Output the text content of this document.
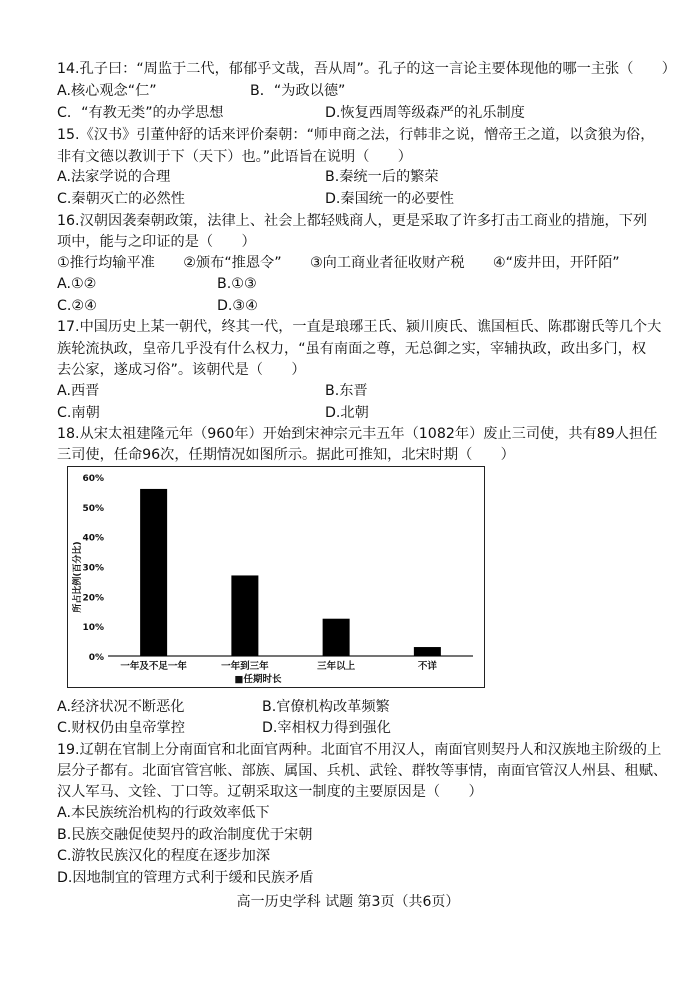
14.孔子曰：“周监于二代，郁郁乎文哉，吾从周”。孔子的这一言论主要体现他的哪一主张（　　）
A.核心观念“仁”	B．“为政以德”
C．“有教无类”的办学思想	D.恢复西周等级森严的礼乐制度
15.《汉书》引董仲舒的话来评价秦朝：“师申商之法，行韩非之说，憎帝王之道，以贪狼为俗，
非有文德以教训于下（天下）也。”此语旨在说明（　　）
A.法家学说的合理	B.秦统一后的繁荣
C.秦朝灭亡的必然性	D.秦国统一的必要性
16.汉朝因袭秦朝政策，法律上、社会上都轻贱商人，更是采取了许多打击工商业的措施，下列
项中，能与之印证的是（　　）
①推行均输平准　　②颁布“推恩令”　　③向工商业者征收财产税　　④“废井田，开阡陌”
A.①②	B.①③
C.②④	D.③④
17.中国历史上某一朝代，终其一代，一直是琅琊王氏、颍川庾氏、谯国桓氏、陈郡谢氏等几个大
族轮流执政，皇帝几乎没有什么权力，“虽有南面之尊，无总御之实，宰辅执政，政出多门，权
去公家，遂成习俗”。该朝代是（　　）
A.西晋	B.东晋
C.南朝	D.北朝
18.从宋太祖建隆元年（960年）开始到宋神宗元丰五年（1082年）废止三司使，共有89人担任
三司使，任命96次，任期情况如图所示。据此可推知，北宋时期（　　）
0%
10%
20%
30%
40%
50%
60%
所占比例(百分比)
一年及不足一年	一年到三年	三年以上	不详
■任期时长
A.经济状况不断恶化	B.官僚机构改革频繁
C.财权仍由皇帝掌控	D.宰相权力得到强化
19.辽朝在官制上分南面官和北面官两种。北面官不用汉人，南面官则契丹人和汉族地主阶级的上
层分子都有。北面官管宫帐、部族、属国、兵机、武铨、群牧等事情，南面官管汉人州县、租赋、
汉人军马、文铨、丁口等。辽朝采取这一制度的主要原因是（　　）
A.本民族统治机构的行政效率低下
B.民族交融促使契丹的政治制度优于宋朝
C.游牧民族汉化的程度在逐步加深
D.因地制宜的管理方式利于缓和民族矛盾
高一历史学科 试题 第3页（共6页）
